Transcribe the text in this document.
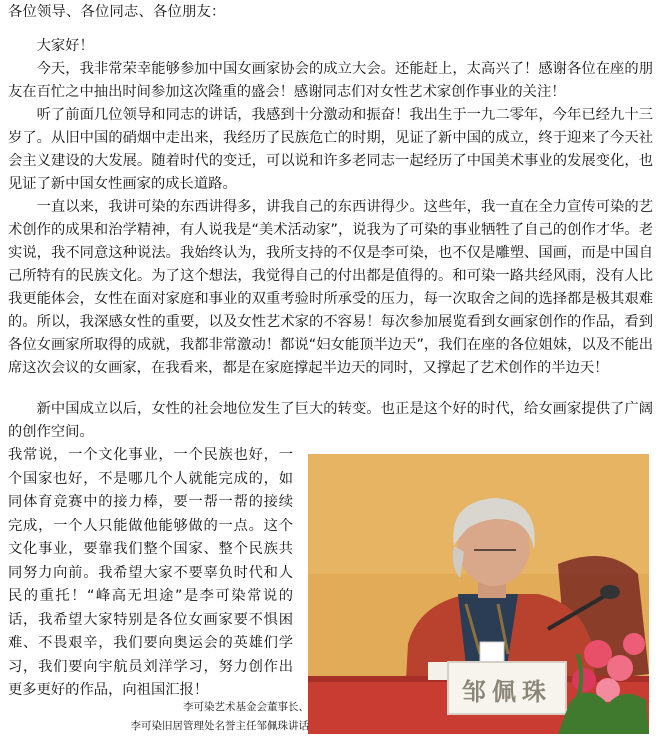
各位领导、各位同志、各位朋友：

大家好！

今天，我非常荣幸能够参加中国女画家协会的成立大会。还能赶上，太高兴了！感谢各位在座的朋友在百忙之中抽出时间参加这次隆重的盛会！感谢同志们对女性艺术家创作事业的关注！

听了前面几位领导和同志的讲话，我感到十分激动和振奋！我出生于一九二零年，今年已经九十三岁了。从旧中国的硝烟中走出来，我经历了民族危亡的时期，见证了新中国的成立，终于迎来了今天社会主义建设的大发展。随着时代的变迁，可以说和许多老同志一起经历了中国美术事业的发展变化，也见证了新中国女性画家的成长道路。

一直以来，我讲可染的东西讲得多，讲我自己的东西讲得少。这些年，我一直在全力宣传可染的艺术创作的成果和治学精神，有人说我是“美术活动家”，说我为了可染的事业牺牲了自己的创作才华。老实说，我不同意这种说法。我始终认为，我所支持的不仅是李可染，也不仅是雕塑、国画，而是中国自己所特有的民族文化。为了这个想法，我觉得自己的付出都是值得的。和可染一路共经风雨，没有人比我更能体会，女性在面对家庭和事业的双重考验时所承受的压力，每一次取舍之间的选择都是极其艰难的。所以，我深感女性的重要，以及女性艺术家的不容易！每次参加展览看到女画家创作的作品，看到各位女画家所取得的成就，我都非常激动！都说“妇女能顶半边天”，我们在座的各位姐妹，以及不能出席这次会议的女画家，在我看来，都是在家庭撑起半边天的同时，又撑起了艺术创作的半边天！

新中国成立以后，女性的社会地位发生了巨大的转变。也正是这个好的时代，给女画家提供了广阔的创作空间。

我常说，一个文化事业，一个民族也好，一个国家也好，不是哪几个人就能完成的，如同体育竞赛中的接力棒，要一帮一帮的接续完成，一个人只能做他能够做的一点。这个文化事业，要靠我们整个国家、整个民族共同努力向前。我希望大家不要辜负时代和人民的重托！“峰高无坦途”是李可染常说的话，我希望大家特别是各位女画家要不惧困难、不畏艰辛，我们要向奥运会的英雄们学习，我们要向宇航员刘洋学习，努力创作出更多更好的作品，向祖国汇报！	邹佩珠
李可染艺术基金会董事长、
李可染旧居管理处名誉主任邹佩珠讲话
